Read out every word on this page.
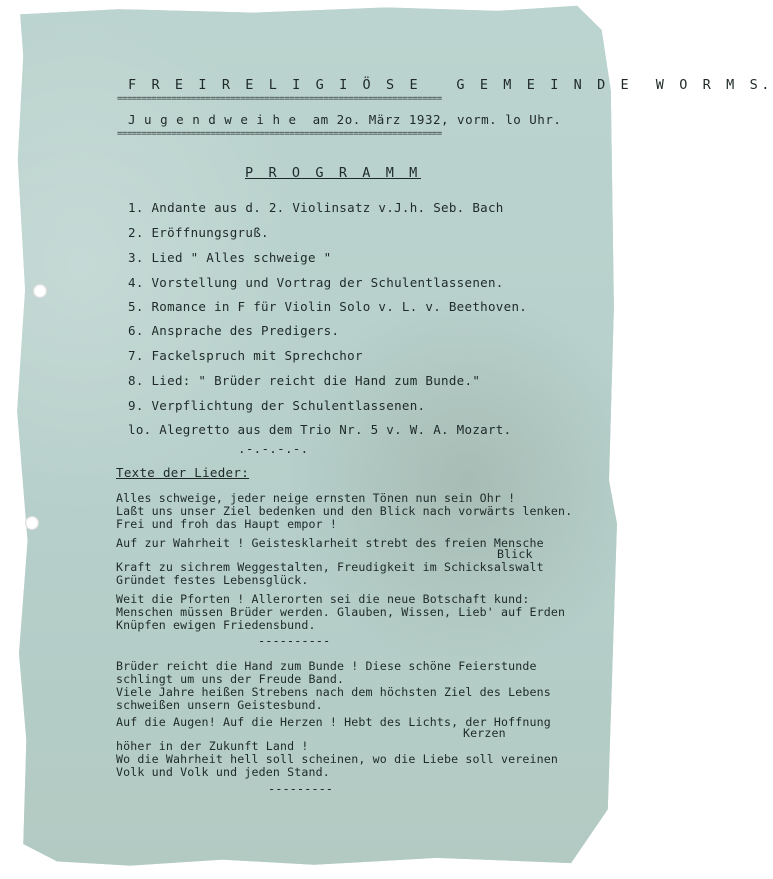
F R E I R E L I G I Ö S E   G E M E I N D E  W O R M S.
==================================================================
J u g e n d w e i h e  am 2o. März 1932, vorm. lo Uhr.
==================================================================
P R O G R A M M
1. Andante aus d. 2. Violinsatz v.J.h. Seb. Bach
2. Eröffnungsgruß.
3. Lied " Alles schweige "
4. Vorstellung und Vortrag der Schulentlassenen.
5. Romance in F für Violin Solo v. L. v. Beethoven.
6. Ansprache des Predigers.
7. Fackelspruch mit Sprechchor
8. Lied: " Brüder reicht die Hand zum Bunde."
9. Verpflichtung der Schulentlassenen.
lo. Alegretto aus dem Trio Nr. 5 v. W. A. Mozart.
.-.-.-.-.
Texte der Lieder:
Alles schweige, jeder neige ernsten Tönen nun sein Ohr !
Laßt uns unser Ziel bedenken und den Blick nach vorwärts lenken.
Frei und froh das Haupt empor !
Auf zur Wahrheit ! Geistesklarheit strebt des freien Mensche
Blick
Kraft zu sichrem Weggestalten, Freudigkeit im Schicksalswalt
Gründet festes Lebensglück.
Weit die Pforten ! Allerorten sei die neue Botschaft kund:
Menschen müssen Brüder werden. Glauben, Wissen, Lieb' auf Erden
Knüpfen ewigen Friedensbund.
----------
Brüder reicht die Hand zum Bunde ! Diese schöne Feierstunde
schlingt um uns der Freude Band.
Viele Jahre heißen Strebens nach dem höchsten Ziel des Lebens
schweißen unsern Geistesbund.
Auf die Augen! Auf die Herzen ! Hebt des Lichts, der Hoffnung
Kerzen
höher in der Zukunft Land !
Wo die Wahrheit hell soll scheinen, wo die Liebe soll vereinen
Volk und Volk und jeden Stand.
---------
